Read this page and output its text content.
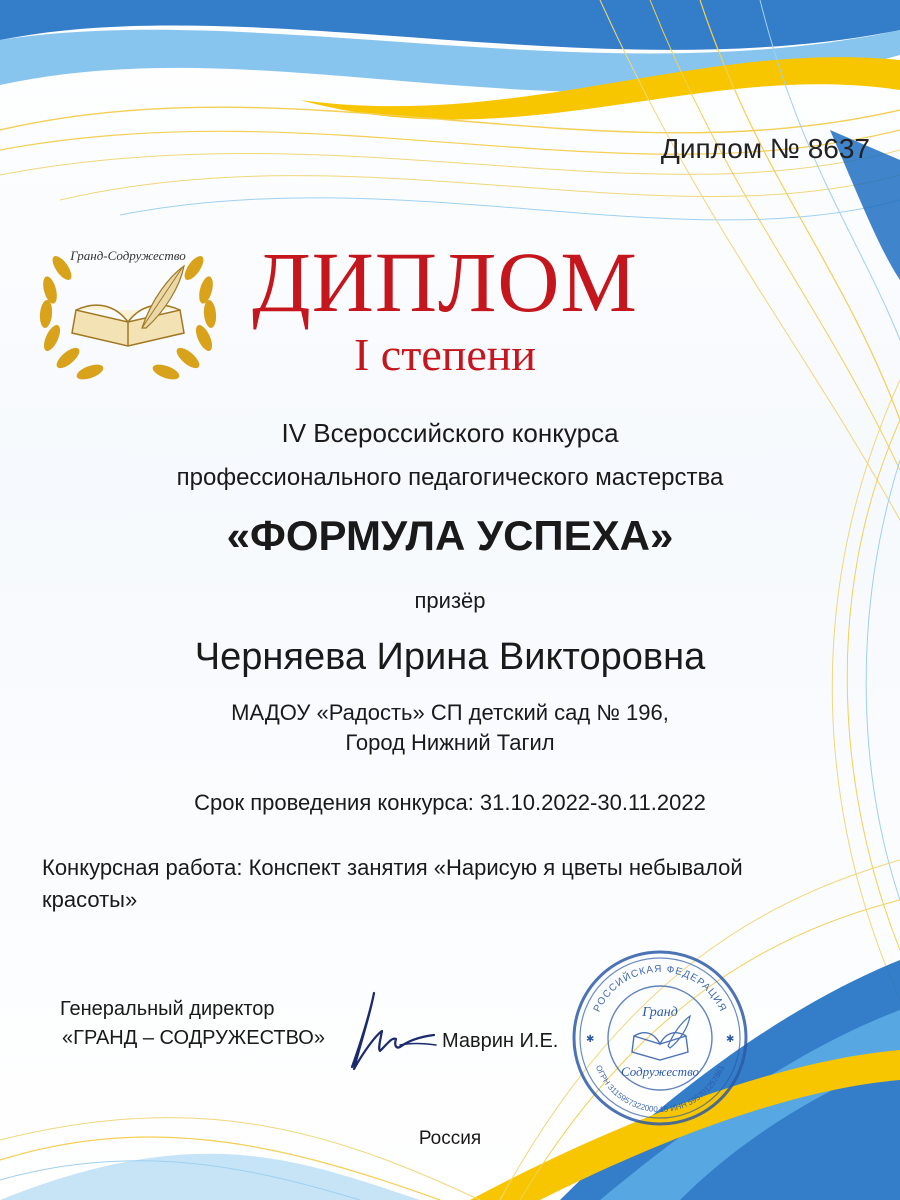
Гранд-Содружество
Диплом № 8637
ДИПЛОМ
I степени
IV Всероссийского конкурса
профессионального педагогического мастерства
«ФОРМУЛА УСПЕХА»
призёр
Черняева Ирина Викторовна
МАДОУ «Радость» СП детский сад № 196,
Город Нижний Тагил
Срок проведения конкурса: 31.10.2022-30.11.2022
Конкурсная работа: Конспект занятия «Нарисую я цветы небывалой красоты»
Генеральный директор
«ГРАНД – СОДРУЖЕСТВО»	Маврин И.Е.
РОССИЙСКАЯ ФЕДЕРАЦИЯ
ОГРН 3115957322000 15 ИНН 595701257861
Гранд
Содружество
✱	✱
Россия
